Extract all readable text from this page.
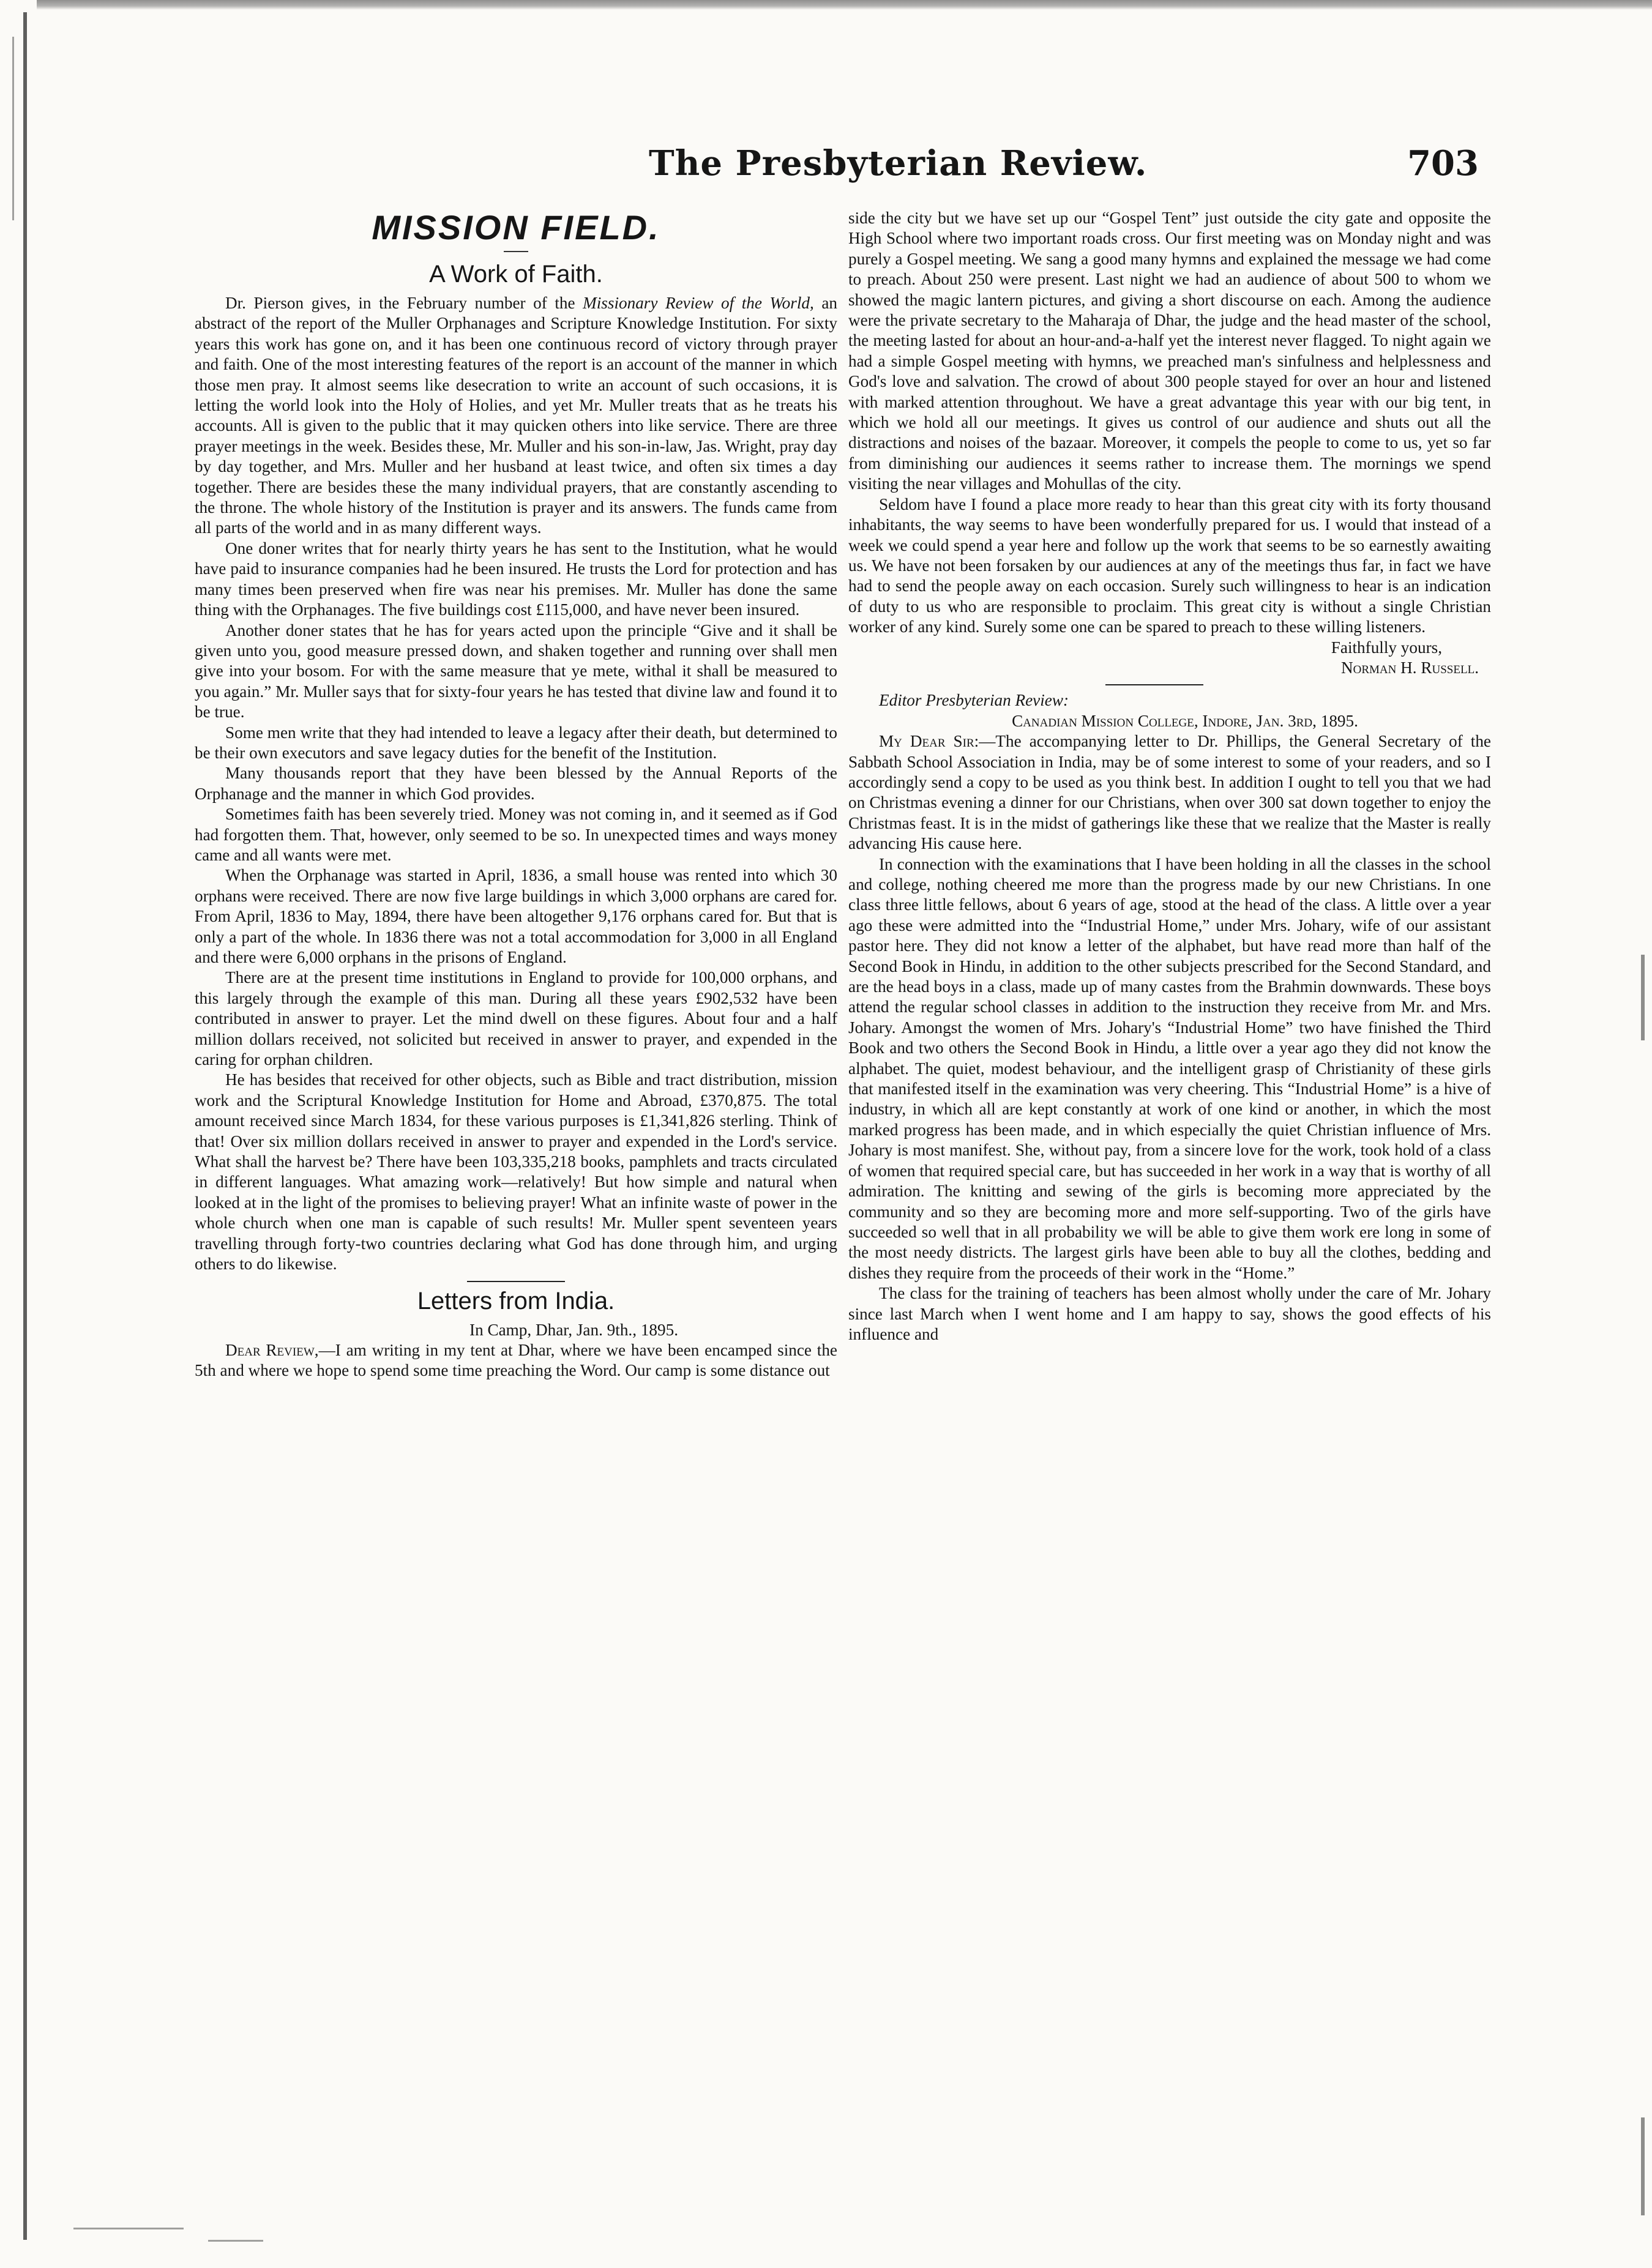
The Presbyterian Review.	703
MISSION FIELD.
A Work of Faith.

Dr. Pierson gives, in the February number of the Missionary Review of the World, an abstract of the report of the Muller Orphanages and Scripture Knowledge Institution. For sixty years this work has gone on, and it has been one continuous record of victory through prayer and faith. One of the most interesting features of the report is an account of the manner in which those men pray. It almost seems like desecration to write an account of such occasions, it is letting the world look into the Holy of Holies, and yet Mr. Muller treats that as he treats his accounts. All is given to the public that it may quicken others into like service. There are three prayer meetings in the week. Besides these, Mr. Muller and his son-in-law, Jas. Wright, pray day by day together, and Mrs. Muller and her husband at least twice, and often six times a day together. There are besides these the many individual prayers, that are constantly ascending to the throne. The whole history of the Institution is prayer and its answers. The funds came from all parts of the world and in as many different ways.

One doner writes that for nearly thirty years he has sent to the Institution, what he would have paid to insurance companies had he been insured. He trusts the Lord for protection and has many times been preserved when fire was near his premises. Mr. Muller has done the same thing with the Orphanages. The five buildings cost £115,000, and have never been insured.

Another doner states that he has for years acted upon the principle “Give and it shall be given unto you, good measure pressed down, and shaken together and running over shall men give into your bosom. For with the same measure that ye mete, withal it shall be measured to you again.” Mr. Muller says that for sixty-four years he has tested that divine law and found it to be true.

Some men write that they had intended to leave a legacy after their death, but determined to be their own executors and save legacy duties for the benefit of the Institution.

Many thousands report that they have been blessed by the Annual Reports of the Orphanage and the manner in which God provides.

Sometimes faith has been severely tried. Money was not coming in, and it seemed as if God had forgotten them. That, however, only seemed to be so. In unexpected times and ways money came and all wants were met.

When the Orphanage was started in April, 1836, a small house was rented into which 30 orphans were received. There are now five large buildings in which 3,000 orphans are cared for. From April, 1836 to May, 1894, there have been altogether 9,176 orphans cared for. But that is only a part of the whole. In 1836 there was not a total accommodation for 3,000 in all England and there were 6,000 orphans in the prisons of England.

There are at the present time institutions in England to provide for 100,000 orphans, and this largely through the example of this man. During all these years £902,532 have been contributed in answer to prayer. Let the mind dwell on these figures. About four and a half million dollars received, not solicited but received in answer to prayer, and expended in the caring for orphan children.

He has besides that received for other objects, such as Bible and tract distribution, mission work and the Scriptural Knowledge Institution for Home and Abroad, £370,875. The total amount received since March 1834, for these various purposes is £1,341,826 sterling. Think of that! Over six million dollars received in answer to prayer and expended in the Lord's service. What shall the harvest be? There have been 103,335,218 books, pamphlets and tracts circulated in different languages. What amazing work—relatively! But how simple and natural when looked at in the light of the promises to believing prayer! What an infinite waste of power in the whole church when one man is capable of such results! Mr. Muller spent seventeen years travelling through forty-two countries declaring what God has done through him, and urging others to do likewise.

Letters from India.

In Camp, Dhar, Jan. 9th., 1895.

Dear Review,—I am writing in my tent at Dhar, where we have been encamped since the 5th and where we hope to spend some time preaching the Word. Our camp is some distance out

side the city but we have set up our “Gospel Tent” just outside the city gate and opposite the High School where two important roads cross. Our first meeting was on Monday night and was purely a Gospel meeting. We sang a good many hymns and explained the message we had come to preach. About 250 were present. Last night we had an audience of about 500 to whom we showed the magic lantern pictures, and giving a short discourse on each. Among the audience were the private secretary to the Maharaja of Dhar, the judge and the head master of the school, the meeting lasted for about an hour-and-a-half yet the interest never flagged. To night again we had a simple Gospel meeting with hymns, we preached man's sinfulness and helplessness and God's love and salvation. The crowd of about 300 people stayed for over an hour and listened with marked attention throughout. We have a great advantage this year with our big tent, in which we hold all our meetings. It gives us control of our audience and shuts out all the distractions and noises of the bazaar. Moreover, it compels the people to come to us, yet so far from diminishing our audiences it seems rather to increase them. The mornings we spend visiting the near villages and Mohullas of the city.

Seldom have I found a place more ready to hear than this great city with its forty thousand inhabitants, the way seems to have been wonderfully prepared for us. I would that instead of a week we could spend a year here and follow up the work that seems to be so earnestly awaiting us. We have not been forsaken by our audiences at any of the meetings thus far, in fact we have had to send the people away on each occasion. Surely such willingness to hear is an indication of duty to us who are responsible to proclaim. This great city is without a single Christian worker of any kind. Surely some one can be spared to preach to these willing listeners.

Faithfully yours,

Norman H. Russell.

Editor Presbyterian Review:

Canadian Mission College, Indore, Jan. 3rd, 1895.

My Dear Sir:—The accompanying letter to Dr. Phillips, the General Secretary of the Sabbath School Association in India, may be of some interest to some of your readers, and so I accordingly send a copy to be used as you think best. In addition I ought to tell you that we had on Christmas evening a dinner for our Christians, when over 300 sat down together to enjoy the Christmas feast. It is in the midst of gatherings like these that we realize that the Master is really advancing His cause here.

In connection with the examinations that I have been holding in all the classes in the school and college, nothing cheered me more than the progress made by our new Christians. In one class three little fellows, about 6 years of age, stood at the head of the class. A little over a year ago these were admitted into the “Industrial Home,” under Mrs. Johary, wife of our assistant pastor here. They did not know a letter of the alphabet, but have read more than half of the Second Book in Hindu, in addition to the other subjects prescribed for the Second Standard, and are the head boys in a class, made up of many castes from the Brahmin downwards. These boys attend the regular school classes in addition to the instruction they receive from Mr. and Mrs. Johary. Amongst the women of Mrs. Johary's “Industrial Home” two have finished the Third Book and two others the Second Book in Hindu, a little over a year ago they did not know the alphabet. The quiet, modest behaviour, and the intelligent grasp of Christianity of these girls that manifested itself in the examination was very cheering. This “Industrial Home” is a hive of industry, in which all are kept constantly at work of one kind or another, in which the most marked progress has been made, and in which especially the quiet Christian influence of Mrs. Johary is most manifest. She, without pay, from a sincere love for the work, took hold of a class of women that required special care, but has succeeded in her work in a way that is worthy of all admiration. The knitting and sewing of the girls is becoming more appreciated by the community and so they are becoming more and more self-supporting. Two of the girls have succeeded so well that in all probability we will be able to give them work ere long in some of the most needy districts. The largest girls have been able to buy all the clothes, bedding and dishes they require from the proceeds of their work in the “Home.”

The class for the training of teachers has been almost wholly under the care of Mr. Johary since last March when I went home and I am happy to say, shows the good effects of his influence and
